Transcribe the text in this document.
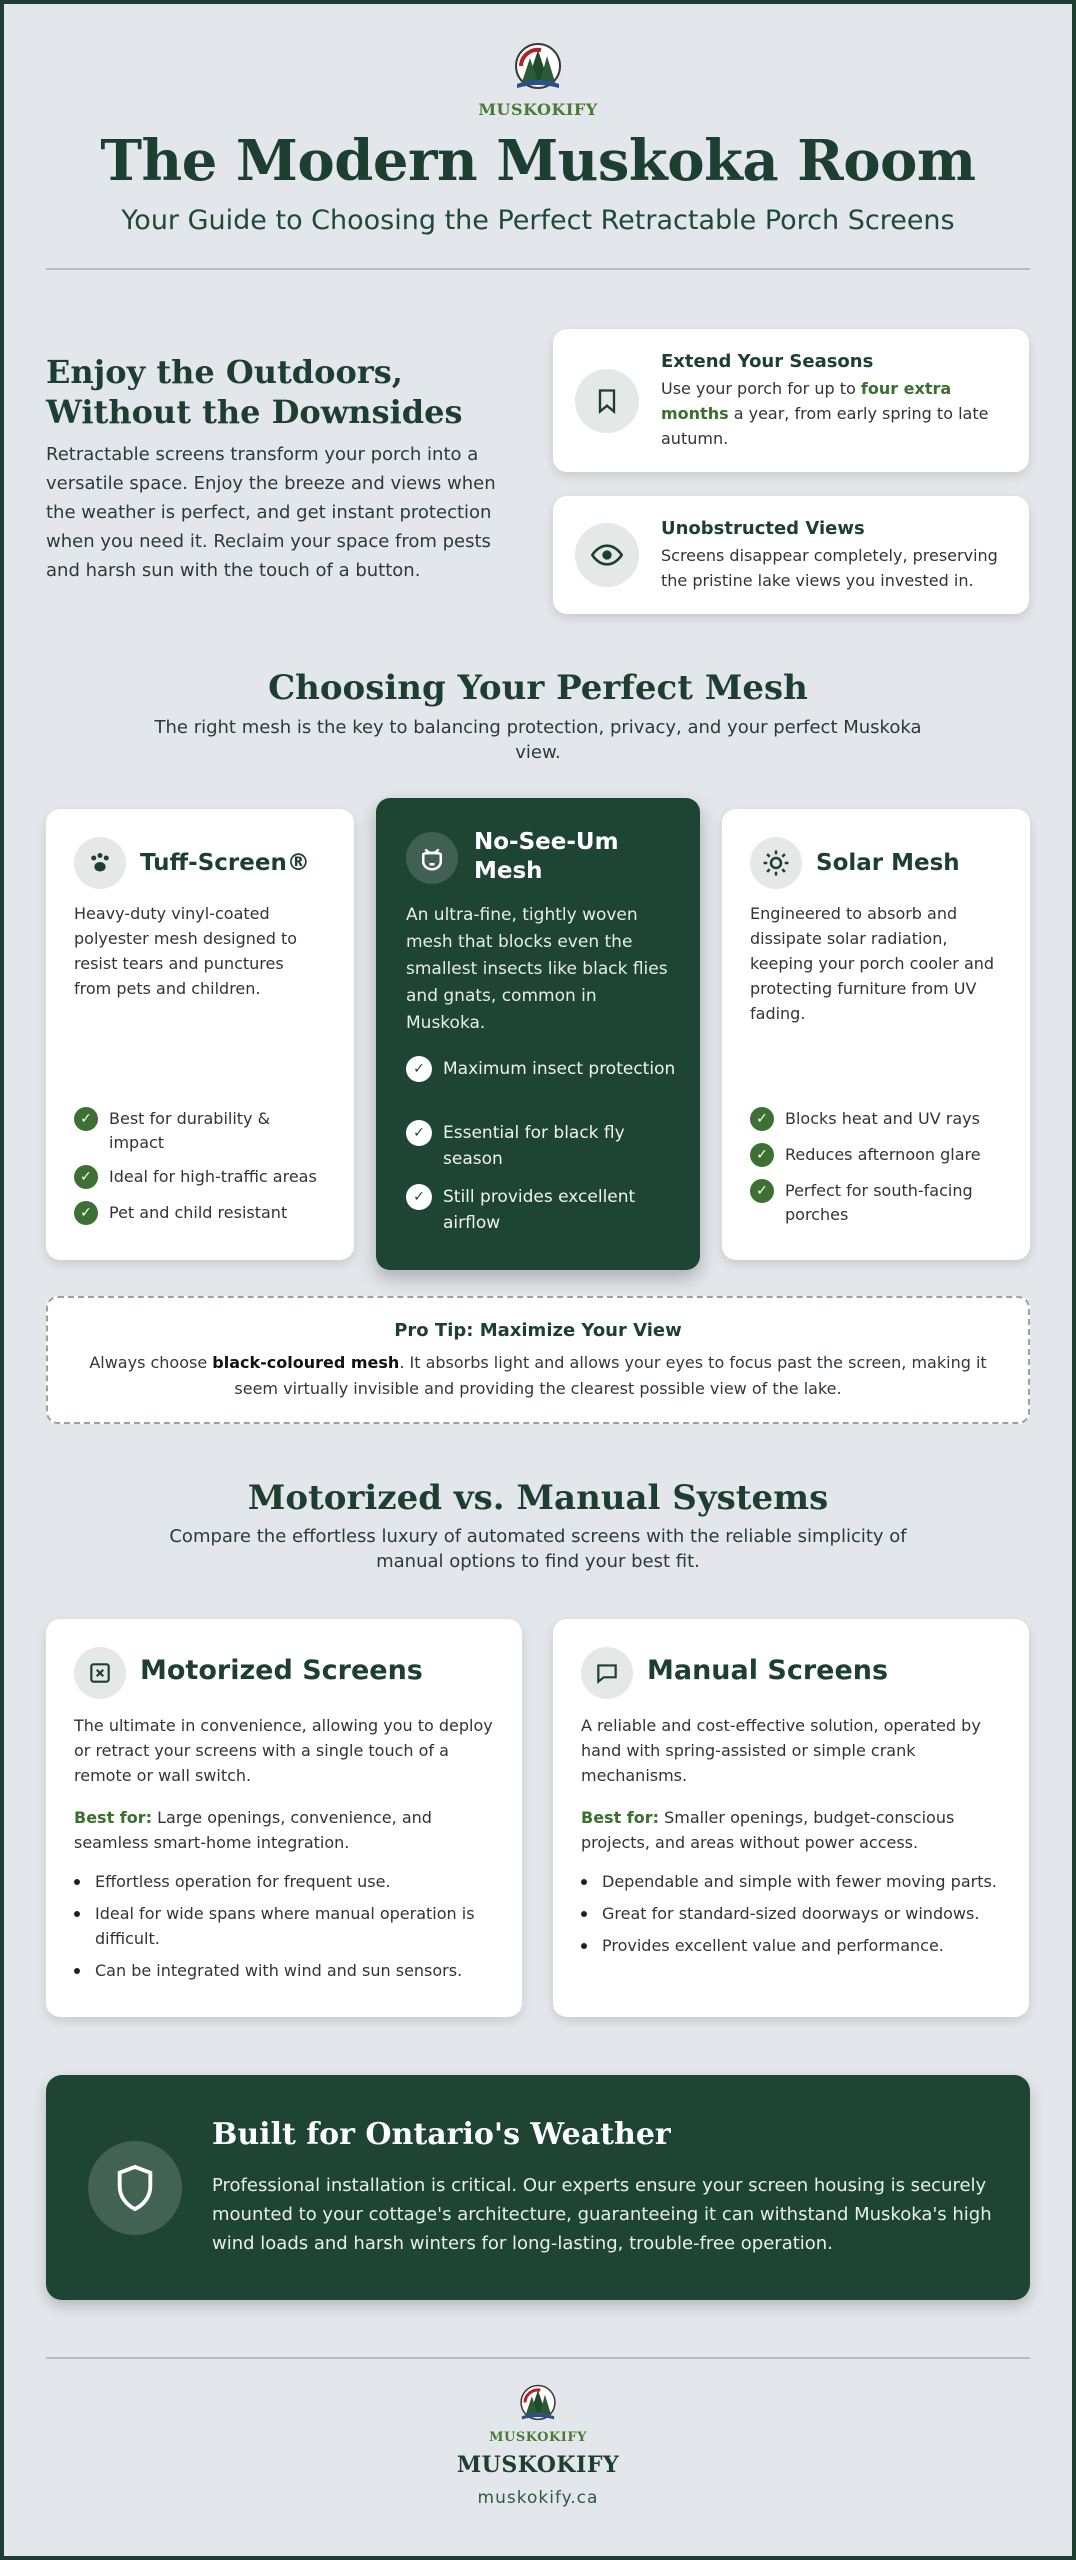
MUSKOKIFY
The Modern Muskoka Room
Your Guide to Choosing the Perfect Retractable Porch Screens
Enjoy the Outdoors, Without the Downsides

Retractable screens transform your porch into a versatile space. Enjoy the breeze and views when the weather is perfect, and get instant protection when you need it. Reclaim your space from pests and harsh sun with the touch of a button.

Extend Your Seasons
Use your porch for up to four extra months a year, from early spring to late autumn.
Unobstructed Views
Screens disappear completely, preserving the pristine lake views you invested in.
Choosing Your Perfect Mesh

The right mesh is the key to balancing protection, privacy, and your perfect Muskoka view.

Tuff-Screen®

Heavy-duty vinyl-coated polyester mesh designed to resist tears and punctures from pets and children.

✓	Best for durability & impact
✓	Ideal for high-traffic areas
✓	Pet and child resistant
No-See-Um Mesh

An ultra-fine, tightly woven mesh that blocks even the smallest insects like black flies and gnats, common in Muskoka.

✓	Maximum insect protection
✓	Essential for black fly season
✓	Still provides excellent airflow
Solar Mesh

Engineered to absorb and dissipate solar radiation, keeping your porch cooler and protecting furniture from UV fading.

✓	Blocks heat and UV rays
✓	Reduces afternoon glare
✓	Perfect for south-facing porches
Pro Tip: Maximize Your View
Always choose black-coloured mesh. It absorbs light and allows your eyes to focus past the screen, making it seem virtually invisible and providing the clearest possible view of the lake.
Motorized vs. Manual Systems

Compare the effortless luxury of automated screens with the reliable simplicity of manual options to find your best fit.

Motorized Screens

The ultimate in convenience, allowing you to deploy or retract your screens with a single touch of a remote or wall switch.

Best for: Large openings, convenience, and seamless smart-home integration.

Effortless operation for frequent use.
Ideal for wide spans where manual operation is difficult.
Can be integrated with wind and sun sensors.
Manual Screens

A reliable and cost-effective solution, operated by hand with spring-assisted or simple crank mechanisms.

Best for: Smaller openings, budget-conscious projects, and areas without power access.

Dependable and simple with fewer moving parts.
Great for standard-sized doorways or windows.
Provides excellent value and performance.
Built for Ontario's Weather

Professional installation is critical. Our experts ensure your screen housing is securely mounted to your cottage's architecture, guaranteeing it can withstand Muskoka's high wind loads and harsh winters for long-lasting, trouble-free operation.

MUSKOKIFY
MUSKOKIFY
muskokify.ca
